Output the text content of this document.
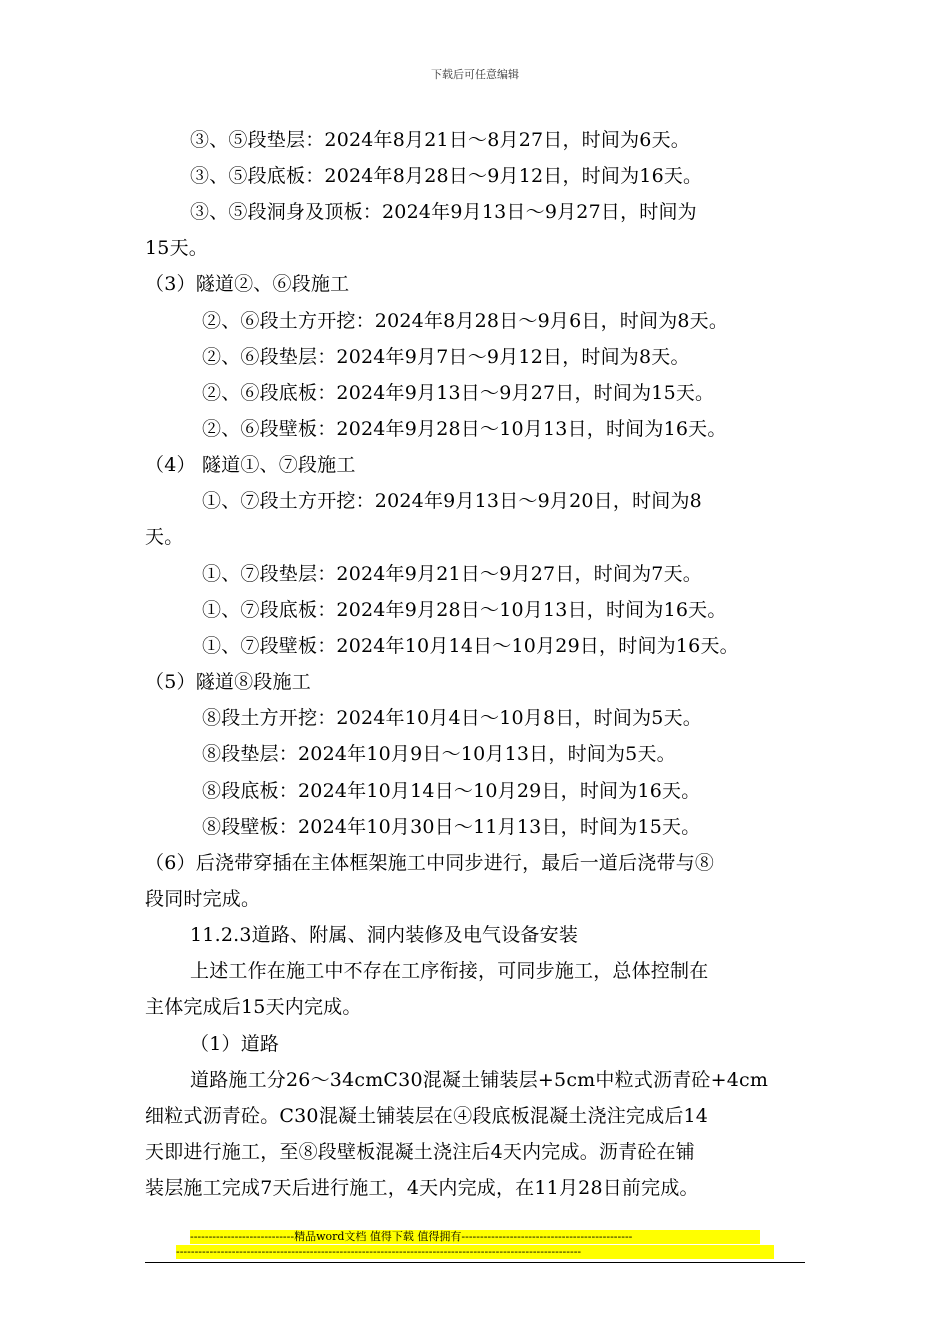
下载后可任意编辑
③、⑤段垫层：2024年8月21日～8月27日，时间为6天。
③、⑤段底板：2024年8月28日～9月12日，时间为16天。
③、⑤段洞身及顶板：2024年9月13日～9月27日，时间为
15天。
（3）隧道②、⑥段施工
②、⑥段土方开挖：2024年8月28日～9月6日，时间为8天。
②、⑥段垫层：2024年9月7日～9月12日，时间为8天。
②、⑥段底板：2024年9月13日～9月27日，时间为15天。
②、⑥段壁板：2024年9月28日～10月13日，时间为16天。
（4） 隧道①、⑦段施工
①、⑦段土方开挖：2024年9月13日～9月20日，时间为8
天。
①、⑦段垫层：2024年9月21日～9月27日，时间为7天。
①、⑦段底板：2024年9月28日～10月13日，时间为16天。
①、⑦段壁板：2024年10月14日～10月29日，时间为16天。
（5）隧道⑧段施工
⑧段土方开挖：2024年10月4日～10月8日，时间为5天。
⑧段垫层：2024年10月9日～10月13日，时间为5天。
⑧段底板：2024年10月14日～10月29日，时间为16天。
⑧段壁板：2024年10月30日～11月13日，时间为15天。
（6）后浇带穿插在主体框架施工中同步进行，最后一道后浇带与⑧
段同时完成。
11.2.3道路、附属、洞内装修及电气设备安装
上述工作在施工中不存在工序衔接，可同步施工，总体控制在
主体完成后15天内完成。
（1）道路
道路施工分26～34cmC30混凝土铺装层+5cm中粒式沥青砼+4cm
细粒式沥青砼。C30混凝土铺装层在④段底板混凝土浇注完成后14
天即进行施工，至⑧段壁板混凝土浇注后4天内完成。沥青砼在铺
装层施工完成7天后进行施工，4天内完成，在11月28日前完成。
----------------------------精品word文档 值得下载 值得拥有----------------------------------------------
-------------------------------------------------------------------------------------------------------------
